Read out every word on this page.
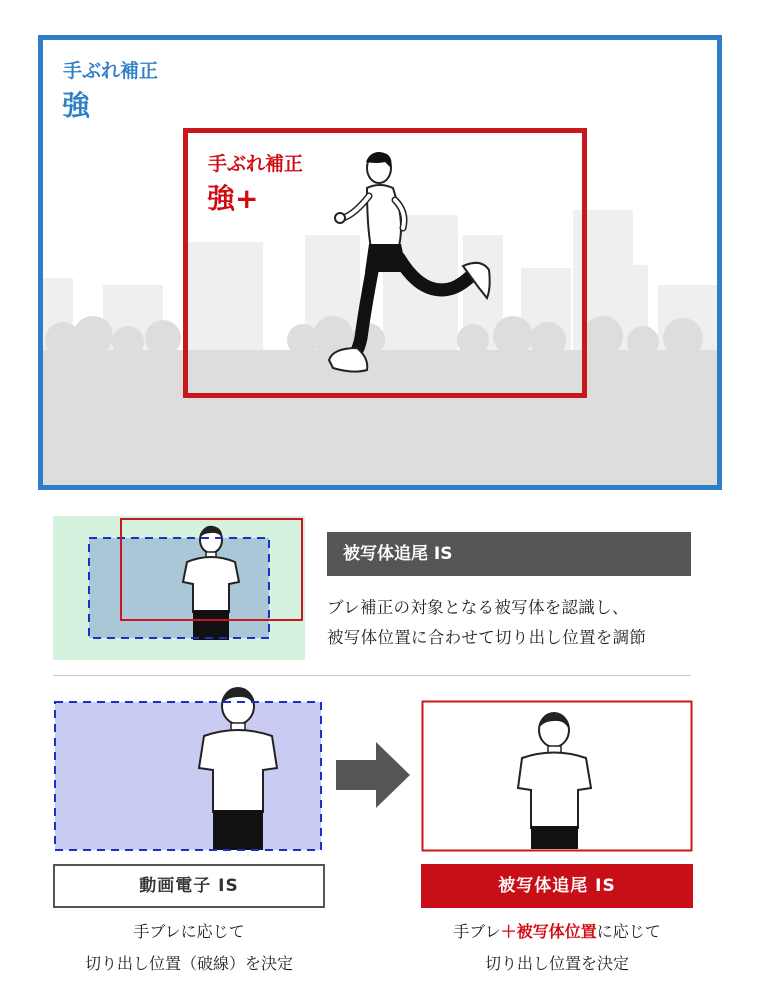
手ぶれ補正
強
手ぶれ補正
強+
被写体追尾 IS
ブレ補正の対象となる被写体を認識し、
被写体位置に合わせて切り出し位置を調節
動画電子 IS	被写体追尾 IS
手ブレに応じて
切り出し位置（破線）を決定
手ブレ＋被写体位置に応じて
切り出し位置を決定
